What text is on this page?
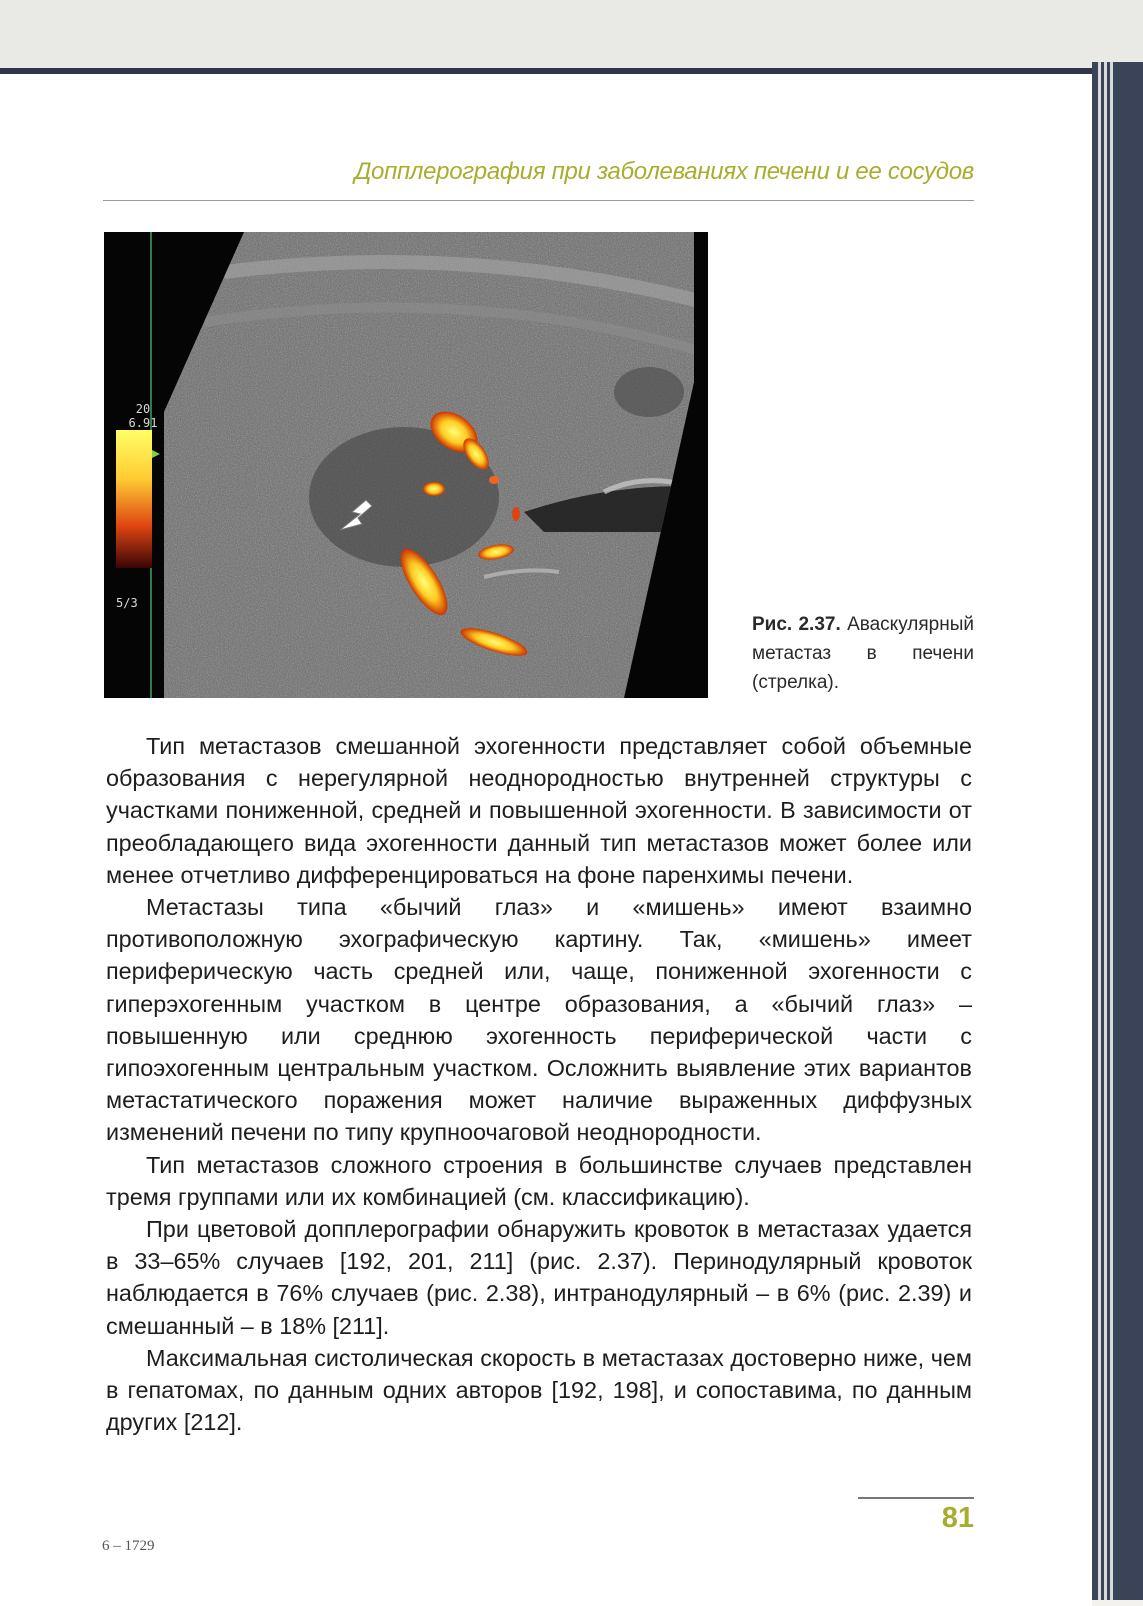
Допплерография при заболеваниях печени и ее сосудов
20
6.91
5/3
Рис. 2.37. Аваскулярный метастаз в печени (стрелка).

Тип метастазов смешанной эхогенности представляет собой объемные образования с нерегулярной неоднородностью внутренней структуры с участками пониженной, средней и повышенной эхогенности. В зависимости от преобладающего вида эхогенности данный тип метастазов может более или менее отчетливо дифференцироваться на фоне паренхимы печени.

Метастазы типа «бычий глаз» и «мишень» имеют взаимно противоположную эхографическую картину. Так, «мишень» имеет периферическую часть средней или, чаще, пониженной эхогенности с гиперэхогенным участком в центре образования, а «бычий глаз» – повышенную или среднюю эхогенность периферической части с гипоэхогенным центральным участком. Осложнить выявление этих вариантов метастатического поражения может наличие выраженных диффузных изменений печени по типу крупноочаговой неоднородности.

Тип метастазов сложного строения в большинстве случаев представлен тремя группами или их комбинацией (см. классификацию).

При цветовой допплерографии обнаружить кровоток в метастазах удается в 33–65% случаев [192, 201, 211] (рис. 2.37). Перинодулярный кровоток наблюдается в 76% случаев (рис. 2.38), интранодулярный – в 6% (рис. 2.39) и смешанный – в 18% [211].

Максимальная систолическая скорость в метастазах достоверно ниже, чем в гепатомах, по данным одних авторов [192, 198], и сопоставима, по данным других [212].

81
6 – 1729
